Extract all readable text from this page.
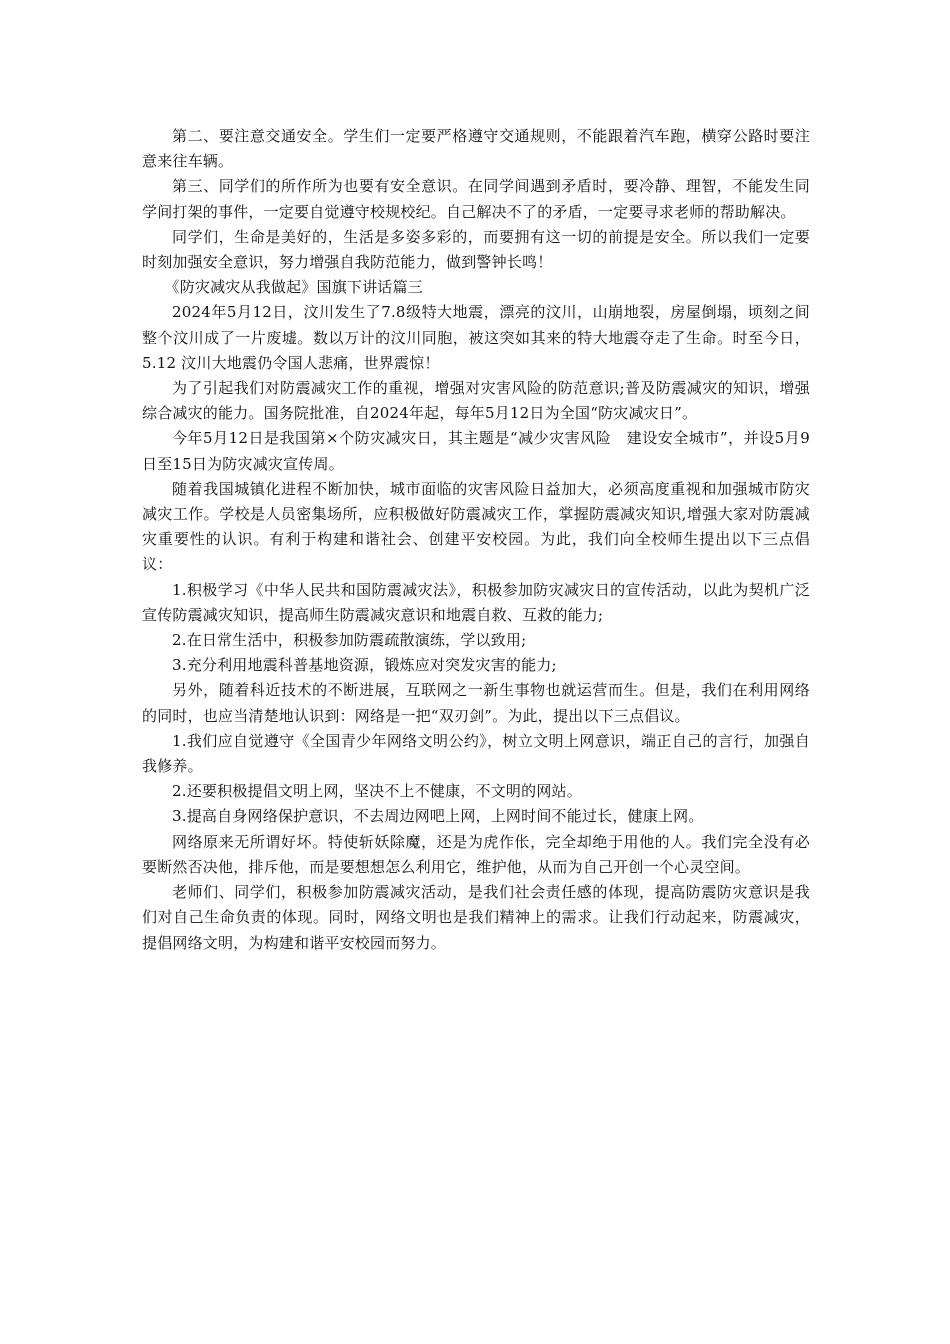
第二、要注意交通安全。学生们一定要严格遵守交通规则，不能跟着汽车跑，横穿公路时要注意来往车辆。

第三、同学们的所作所为也要有安全意识。在同学间遇到矛盾时，要冷静、理智，不能发生同学间打架的事件，一定要自觉遵守校规校纪。自己解决不了的矛盾，一定要寻求老师的帮助解决。

同学们，生命是美好的，生活是多姿多彩的，而要拥有这一切的前提是安全。所以我们一定要时刻加强安全意识，努力增强自我防范能力，做到警钟长鸣！

《防灾减灾从我做起》国旗下讲话篇三

2024年5月12日，汶川发生了7.8级特大地震，漂亮的汶川，山崩地裂，房屋倒塌，顷刻之间整个汶川成了一片废墟。数以万计的汶川同胞，被这突如其来的特大地震夺走了生命。时至今日， 5.12 汶川大地震仍令国人悲痛，世界震惊！

为了引起我们对防震减灾工作的重视，增强对灾害风险的防范意识;普及防震减灾的知识，增强综合减灾的能力。国务院批准，自2024年起，每年5月12日为全国“防灾减灾日”。

今年5月12日是我国第×个防灾减灾日，其主题是“减少灾害风险　建设安全城市”，并设5月9日至15日为防灾减灾宣传周。

随着我国城镇化进程不断加快，城市面临的灾害风险日益加大，必须高度重视和加强城市防灾减灾工作。学校是人员密集场所，应积极做好防震减灾工作，掌握防震减灾知识,增强大家对防震减灾重要性的认识。有利于构建和谐社会、创建平安校园。为此，我们向全校师生提出以下三点倡议：

1.积极学习《中华人民共和国防震减灾法》，积极参加防灾减灾日的宣传活动，以此为契机广泛宣传防震减灾知识，提高师生防震减灾意识和地震自救、互救的能力;

2.在日常生活中，积极参加防震疏散演练，学以致用;

3.充分利用地震科普基地资源，锻炼应对突发灾害的能力;

另外，随着科近技术的不断进展，互联网之一新生事物也就运营而生。但是，我们在利用网络的同时，也应当清楚地认识到：网络是一把“双刃剑”。为此，提出以下三点倡议。

1.我们应自觉遵守《全国青少年网络文明公约》，树立文明上网意识，端正自己的言行，加强自我修养。

2.还要积极提倡文明上网，坚决不上不健康，不文明的网站。

3.提高自身网络保护意识，不去周边网吧上网，上网时间不能过长，健康上网。

网络原来无所谓好坏。特使斩妖除魔，还是为虎作伥，完全却绝于用他的人。我们完全没有必要断然否决他，排斥他，而是要想想怎么利用它，维护他，从而为自己开创一个心灵空间。

老师们、同学们，积极参加防震减灾活动，是我们社会责任感的体现，提高防震防灾意识是我们对自己生命负责的体现。同时，网络文明也是我们精神上的需求。让我们行动起来，防震减灾，提倡网络文明，为构建和谐平安校园而努力。
